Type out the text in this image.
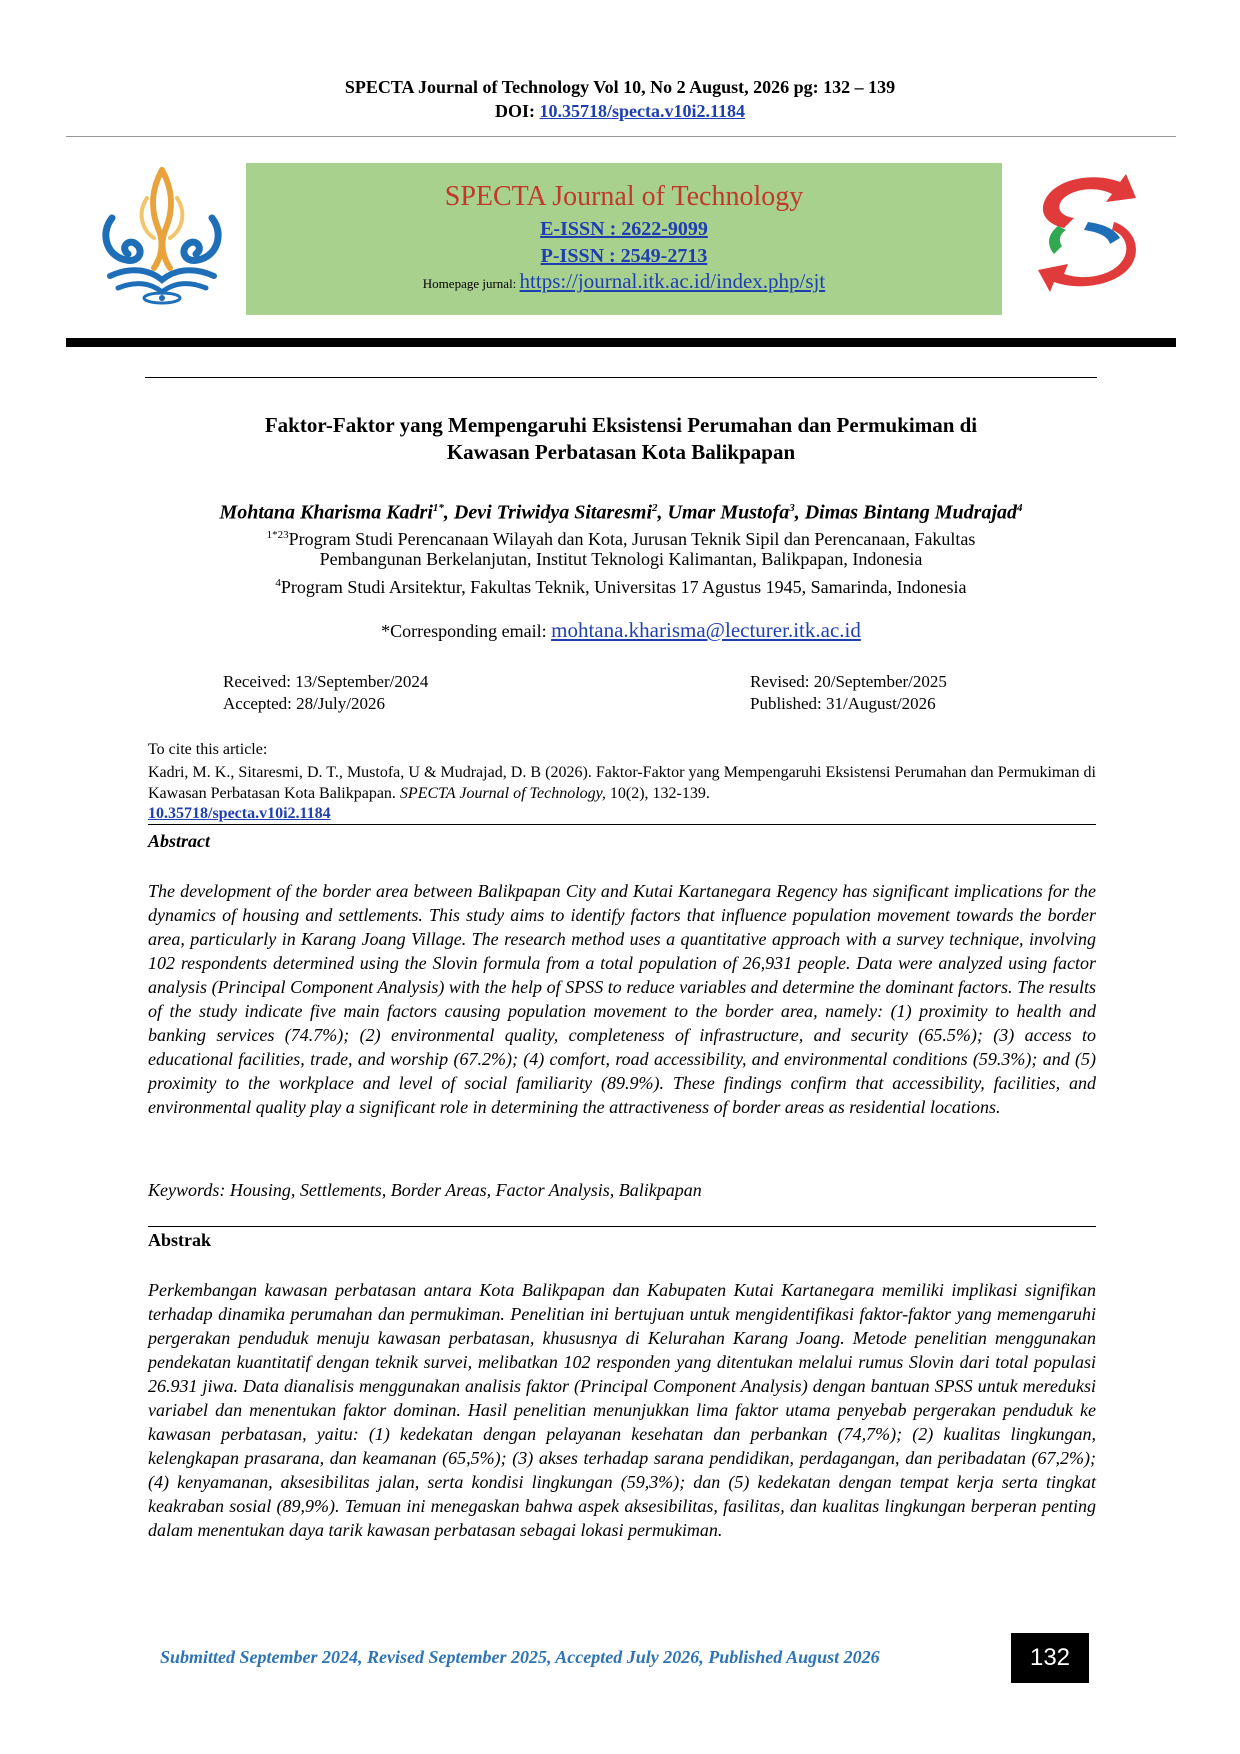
SPECTA Journal of Technology Vol 10, No 2 August, 2026 pg: 132 – 139
DOI: 10.35718/specta.v10i2.1184
SPECTA Journal of Technology
E-ISSN : 2622-9099
P-ISSN : 2549-2713
Homepage jurnal: https://journal.itk.ac.id/index.php/sjt
Faktor-Faktor yang Mempengaruhi Eksistensi Perumahan dan Permukiman di
Kawasan Perbatasan Kota Balikpapan
Mohtana Kharisma Kadri$^{1*}$, Devi Triwidya Sitaresmi$^2$, Umar Mustofa$^3$, Dimas Bintang Mudrajad$^4$
$^{1*23}$Program Studi Perencanaan Wilayah dan Kota, Jurusan Teknik Sipil dan Perencanaan, Fakultas
Pembangunan Berkelanjutan, Institut Teknologi Kalimantan, Balikpapan, Indonesia
$^4$Program Studi Arsitektur, Fakultas Teknik, Universitas 17 Agustus 1945, Samarinda, Indonesia
*Corresponding email: mohtana.kharisma@lecturer.itk.ac.id
Received: 13/September/2024
Accepted: 28/July/2026
Revised: 20/September/2025
Published: 31/August/2026
To cite this article:
Kadri, M. K., Sitaresmi, D. T., Mustofa, U & Mudrajad, D. B (2026). Faktor-Faktor yang Mempengaruhi Eksistensi Perumahan dan Permukiman di Kawasan Perbatasan Kota Balikpapan. SPECTA Journal of Technology, 10(2), 132-139.
10.35718/specta.v10i2.1184
Abstract

The development of the border area between Balikpapan City and Kutai Kartanegara Regency has significant implications for the dynamics of housing and settlements. This study aims to identify factors that influence population movement towards the border area, particularly in Karang Joang Village. The research method uses a quantitative approach with a survey technique, involving 102 respondents determined using the Slovin formula from a total population of 26,931 people. Data were analyzed using factor analysis (Principal Component Analysis) with the help of SPSS to reduce variables and determine the dominant factors. The results of the study indicate five main factors causing population movement to the border area, namely: (1) proximity to health and banking services (74.7%); (2) environmental quality, completeness of infrastructure, and security (65.5%); (3) access to educational facilities, trade, and worship (67.2%); (4) comfort, road accessibility, and environmental conditions (59.3%); and (5) proximity to the workplace and level of social familiarity (89.9%). These findings confirm that accessibility, facilities, and environmental quality play a significant role in determining the attractiveness of border areas as residential locations.

Keywords: Housing, Settlements, Border Areas, Factor Analysis, Balikpapan
Abstrak

Perkembangan kawasan perbatasan antara Kota Balikpapan dan Kabupaten Kutai Kartanegara memiliki implikasi signifikan terhadap dinamika perumahan dan permukiman. Penelitian ini bertujuan untuk mengidentifikasi faktor-faktor yang memengaruhi pergerakan penduduk menuju kawasan perbatasan, khususnya di Kelurahan Karang Joang. Metode penelitian menggunakan pendekatan kuantitatif dengan teknik survei, melibatkan 102 responden yang ditentukan melalui rumus Slovin dari total populasi 26.931 jiwa. Data dianalisis menggunakan analisis faktor (Principal Component Analysis) dengan bantuan SPSS untuk mereduksi variabel dan menentukan faktor dominan. Hasil penelitian menunjukkan lima faktor utama penyebab pergerakan penduduk ke kawasan perbatasan, yaitu: (1) kedekatan dengan pelayanan kesehatan dan perbankan (74,7%); (2) kualitas lingkungan, kelengkapan prasarana, dan keamanan (65,5%); (3) akses terhadap sarana pendidikan, perdagangan, dan peribadatan (67,2%); (4) kenyamanan, aksesibilitas jalan, serta kondisi lingkungan (59,3%); dan (5) kedekatan dengan tempat kerja serta tingkat keakraban sosial (89,9%). Temuan ini menegaskan bahwa aspek aksesibilitas, fasilitas, dan kualitas lingkungan berperan penting dalam menentukan daya tarik kawasan perbatasan sebagai lokasi permukiman.

Submitted September 2024, Revised September 2025, Accepted July 2026, Published August 2026	132
